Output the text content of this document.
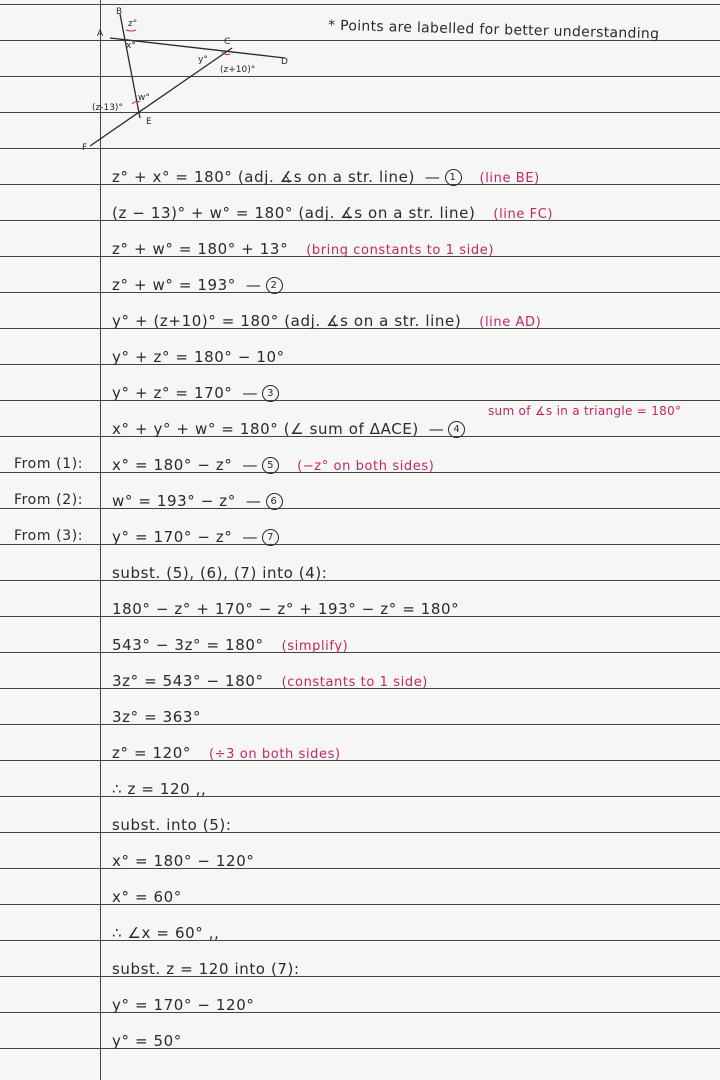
B
A
C
D
E
F
z°
x°
y°
(z+10)°
w°
(z-13)°
* Points are labelled for better understanding
z° + x° = 180° (adj. ∡s on a str. line) — 1 (line BE)
(z − 13)° + w° = 180° (adj. ∡s on a str. line) (line FC)
z° + w° = 180° + 13° (bring constants to 1 side)
z° + w° = 193° — 2
y° + (z+10)° = 180° (adj. ∡s on a str. line) (line AD)
y° + z° = 180° − 10°
y° + z° = 170° — 3
x° + y° + w° = 180° (∠ sum of ΔACE) — 4
From (1): x° = 180° − z° — 5 (−z° on both sides)
From (2): w° = 193° − z° — 6
From (3): y° = 170° − z° — 7
subst. (5), (6), (7) into (4):
180° − z° + 170° − z° + 193° − z° = 180°
543° − 3z° = 180° (simplify)
3z° = 543° − 180° (constants to 1 side)
3z° = 363°
z° = 120° (÷3 on both sides)
∴ z = 120 ,,
subst. into (5):
x° = 180° − 120°
x° = 60°
∴ ∠x = 60° ,,
subst. z = 120 into (7):
y° = 170° − 120°
y° = 50°
sum of ∡s in a triangle = 180°
